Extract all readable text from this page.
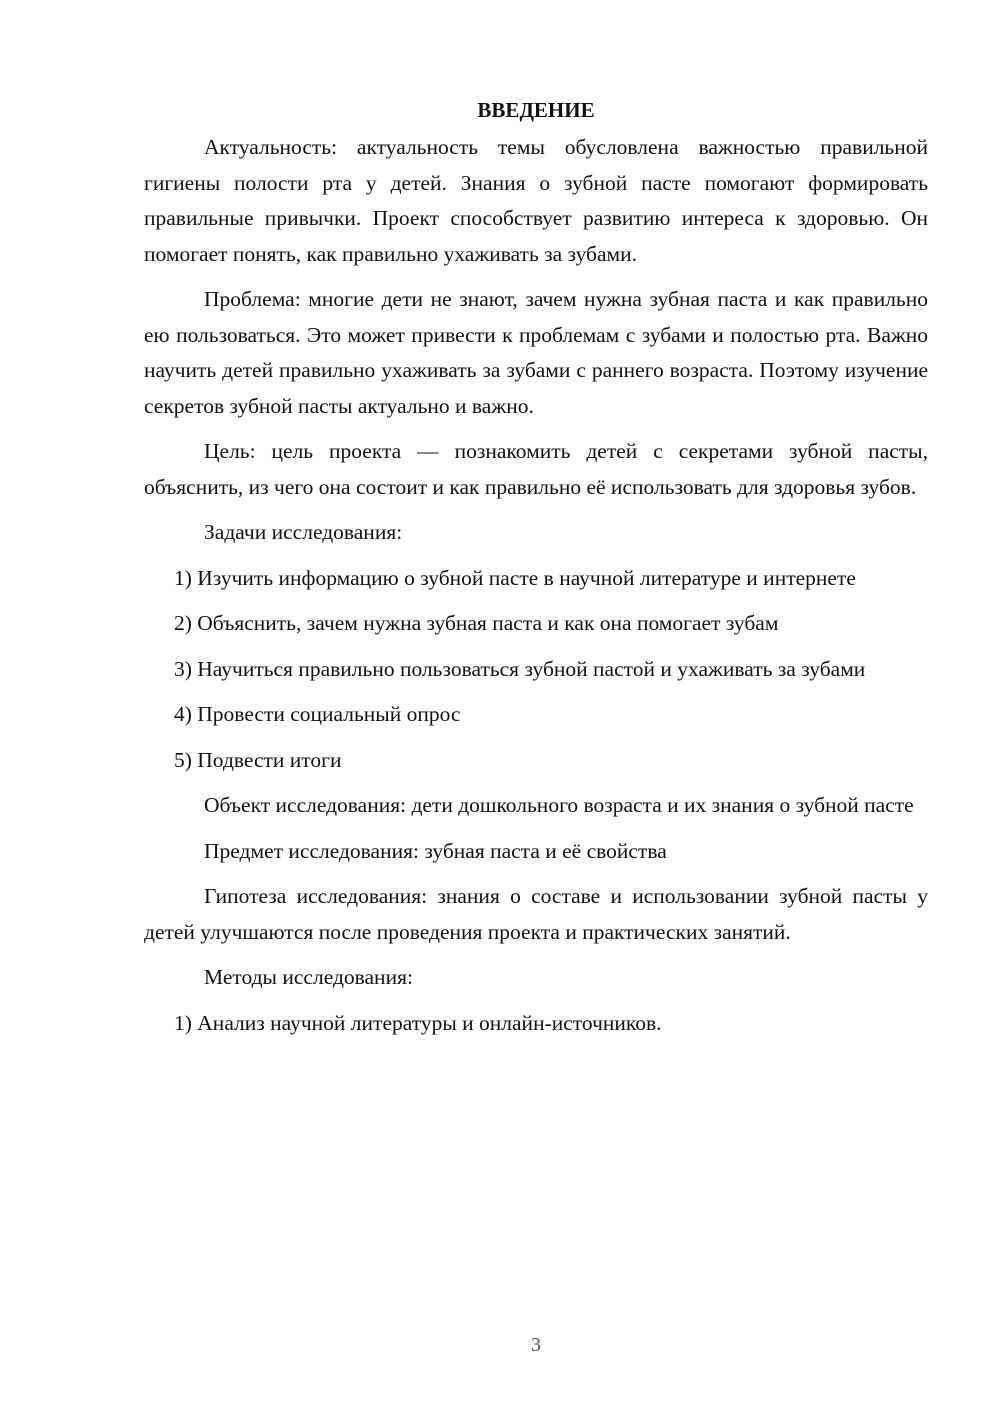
ВВЕДЕНИЕ

Актуальность: актуальность темы обусловлена важностью правильной гигиены полости рта у детей. Знания о зубной пасте помогают формировать правильные привычки. Проект способствует развитию интереса к здоровью. Он помогает понять, как правильно ухаживать за зубами.

Проблема: многие дети не знают, зачем нужна зубная паста и как правильно ею пользоваться. Это может привести к проблемам с зубами и полостью рта. Важно научить детей правильно ухаживать за зубами с раннего возраста. Поэтому изучение секретов зубной пасты актуально и важно.

Цель: цель проекта — познакомить детей с секретами зубной пасты, объяснить, из чего она состоит и как правильно её использовать для здоровья зубов.

Задачи исследования:

1) Изучить информацию о зубной пасте в научной литературе и интернете

2) Объяснить, зачем нужна зубная паста и как она помогает зубам

3) Научиться правильно пользоваться зубной пастой и ухаживать за зубами

4) Провести социальный опрос

5) Подвести итоги

Объект исследования: дети дошкольного возраста и их знания о зубной пасте

Предмет исследования: зубная паста и её свойства

Гипотеза исследования: знания о составе и использовании зубной пасты у детей улучшаются после проведения проекта и практических занятий.

Методы исследования:

1) Анализ научной литературы и онлайн-источников.

3
